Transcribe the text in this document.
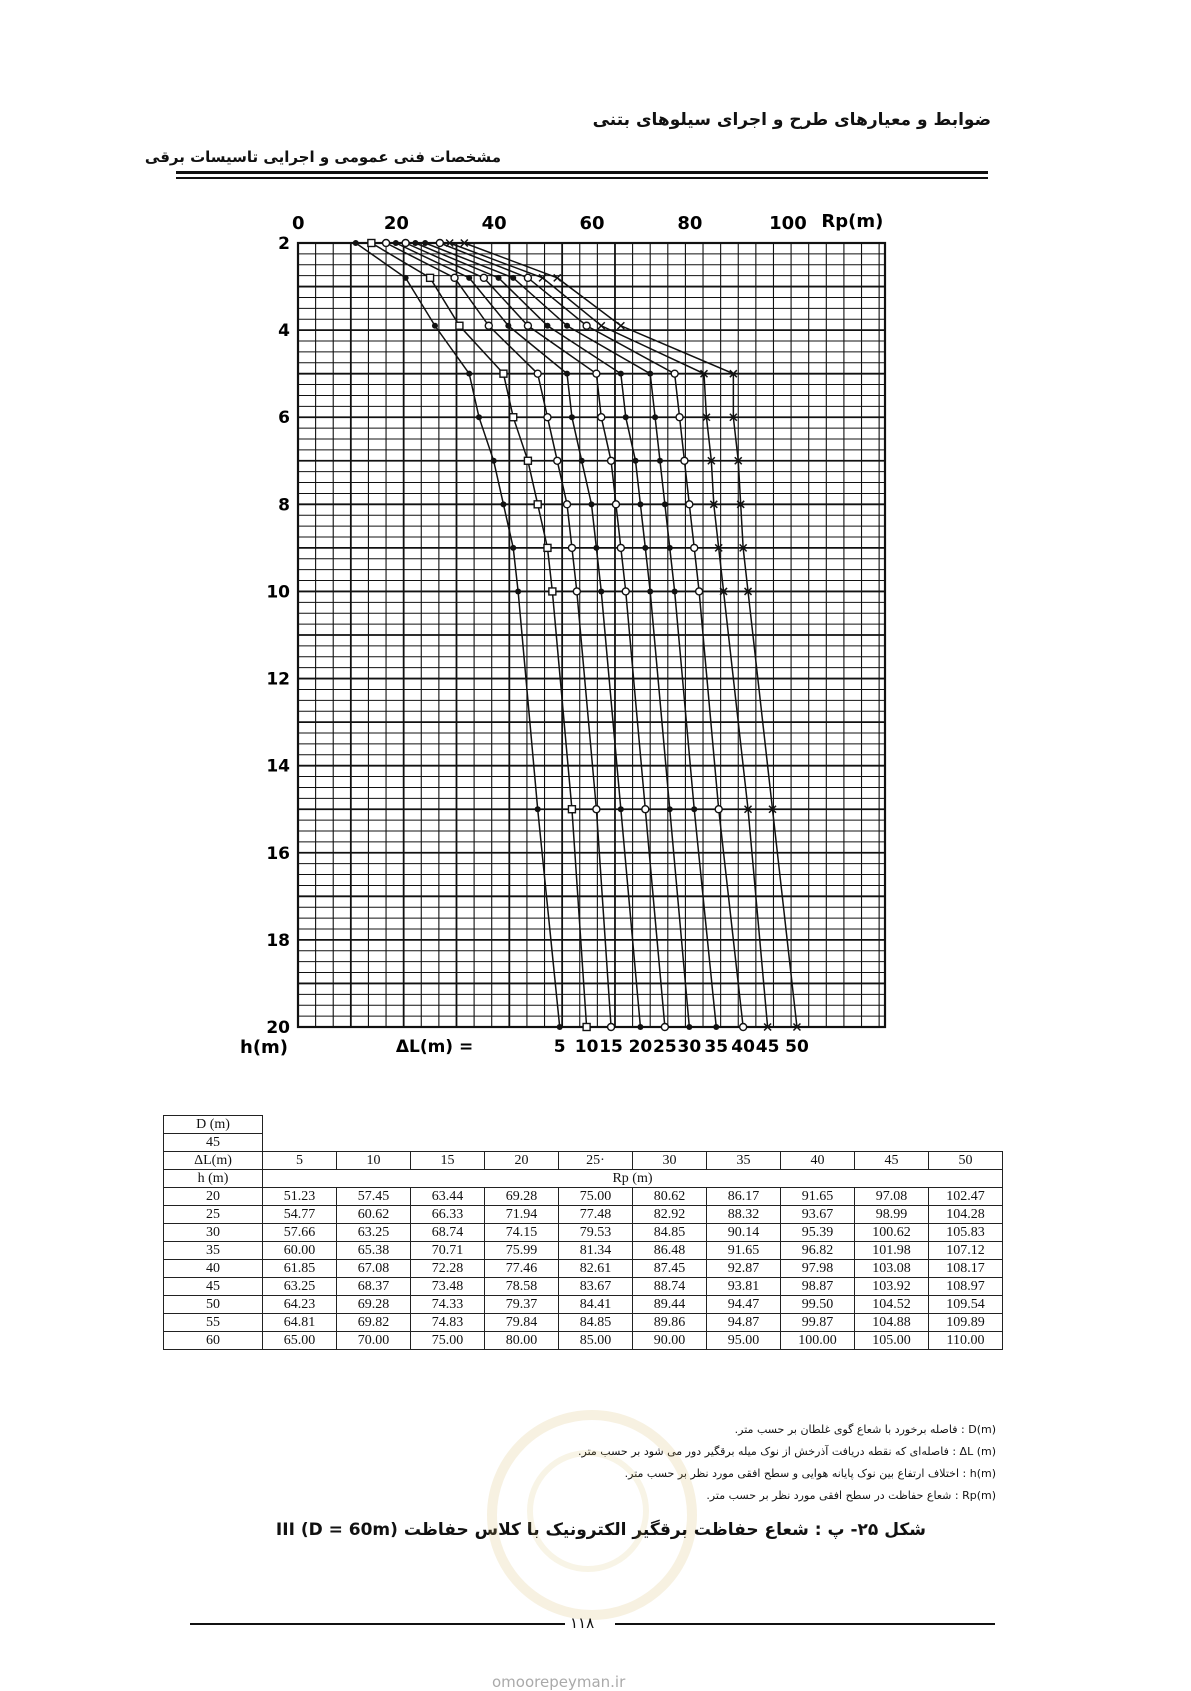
ضوابط و معیارهای طرح و اجرای سیلوهای بتنی
مشخصات فنی عمومی و اجرایی تاسیسات برقی
0	20	40	60	80	100
2
4
6
8
10
12
14
16
18
20
Rp(m)
h(m)	ΔL(m) =	5 10 15 20 25 30 35 40 45 50
D (m)										
45										
ΔL(m)	5	10	15	20	25·	30	35	40	45	50
h (m)	Rp (m)									
20	51.23	57.45	63.44	69.28	75.00	80.62	86.17	91.65	97.08	102.47
25	54.77	60.62	66.33	71.94	77.48	82.92	88.32	93.67	98.99	104.28
30	57.66	63.25	68.74	74.15	79.53	84.85	90.14	95.39	100.62	105.83
35	60.00	65.38	70.71	75.99	81.34	86.48	91.65	96.82	101.98	107.12
40	61.85	67.08	72.28	77.46	82.61	87.45	92.87	97.98	103.08	108.17
45	63.25	68.37	73.48	78.58	83.67	88.74	93.81	98.87	103.92	108.97
50	64.23	69.28	74.33	79.37	84.41	89.44	94.47	99.50	104.52	109.54
55	64.81	69.82	74.83	79.84	84.85	89.86	94.87	99.87	104.88	109.89
60	65.00	70.00	75.00	80.00	85.00	90.00	95.00	100.00	105.00	110.00
D(m) : فاصله برخورد با شعاع گوی غلطان بر حسب متر.
ΔL (m) : فاصله‌ای که نقطه دریافت آذرخش از نوک میله برقگیر دور می شود بر حسب متر.
h(m) : اختلاف ارتفاع بین نوک پایانه هوایی و سطح افقی مورد نظر بر حسب متر.
Rp(m) : شعاع حفاظت در سطح افقی مورد نظر بر حسب متر.
شکل ۲۵- پ : شعاع حفاظت برقگیر الکترونیک با کلاس حفاظت III (D = 60m)
۱۱۸
omoorepeyman.ir
